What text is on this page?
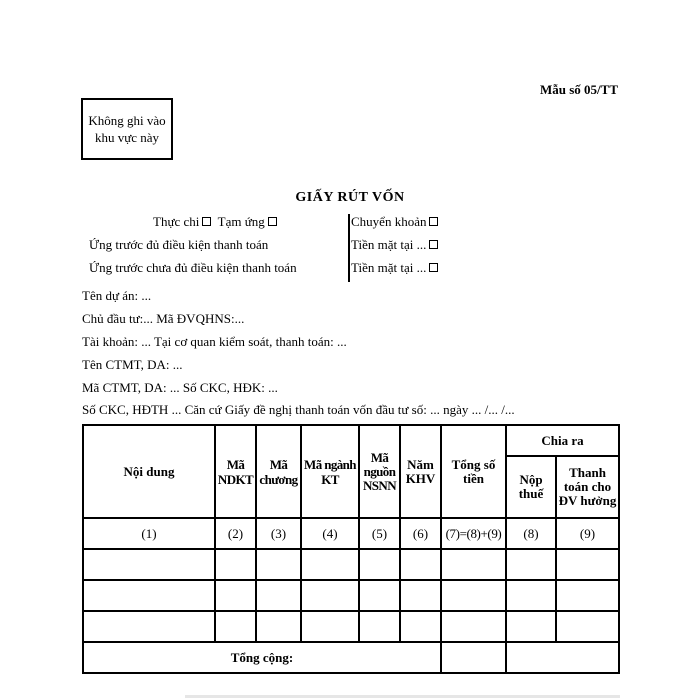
Mẫu số 05/TT
Không ghi vào khu vực này
GIẤY RÚT VỐN
Thực chi Tạm ứng
Ứng trước đủ điều kiện thanh toán
Ứng trước chưa đủ điều kiện thanh toán
Chuyển khoản
Tiền mặt tại ...
Tiền mặt tại ...
Tên dự án: ...
Chủ đầu tư:... Mã ĐVQHNS:...
Tài khoản: ... Tại cơ quan kiểm soát, thanh toán: ...
Tên CTMT, DA: ...
Mã CTMT, DA: ... Số CKC, HĐK: ...
Số CKC, HĐTH ... Căn cứ Giấy đề nghị thanh toán vốn đầu tư số: ... ngày ... /... /...
Nội dung	Mã NDKT	Mã chương	Mã ngành KT	Mã nguồn NSNN	Năm KHV	Tổng số tiền	Chia ra	
							Nộp thuế	Thanh toán cho ĐV hưởng
(1)	(2)	(3)	(4)	(5)	(6)	(7)=(8)+(9)	(8)	(9)

Tổng cộng:								
